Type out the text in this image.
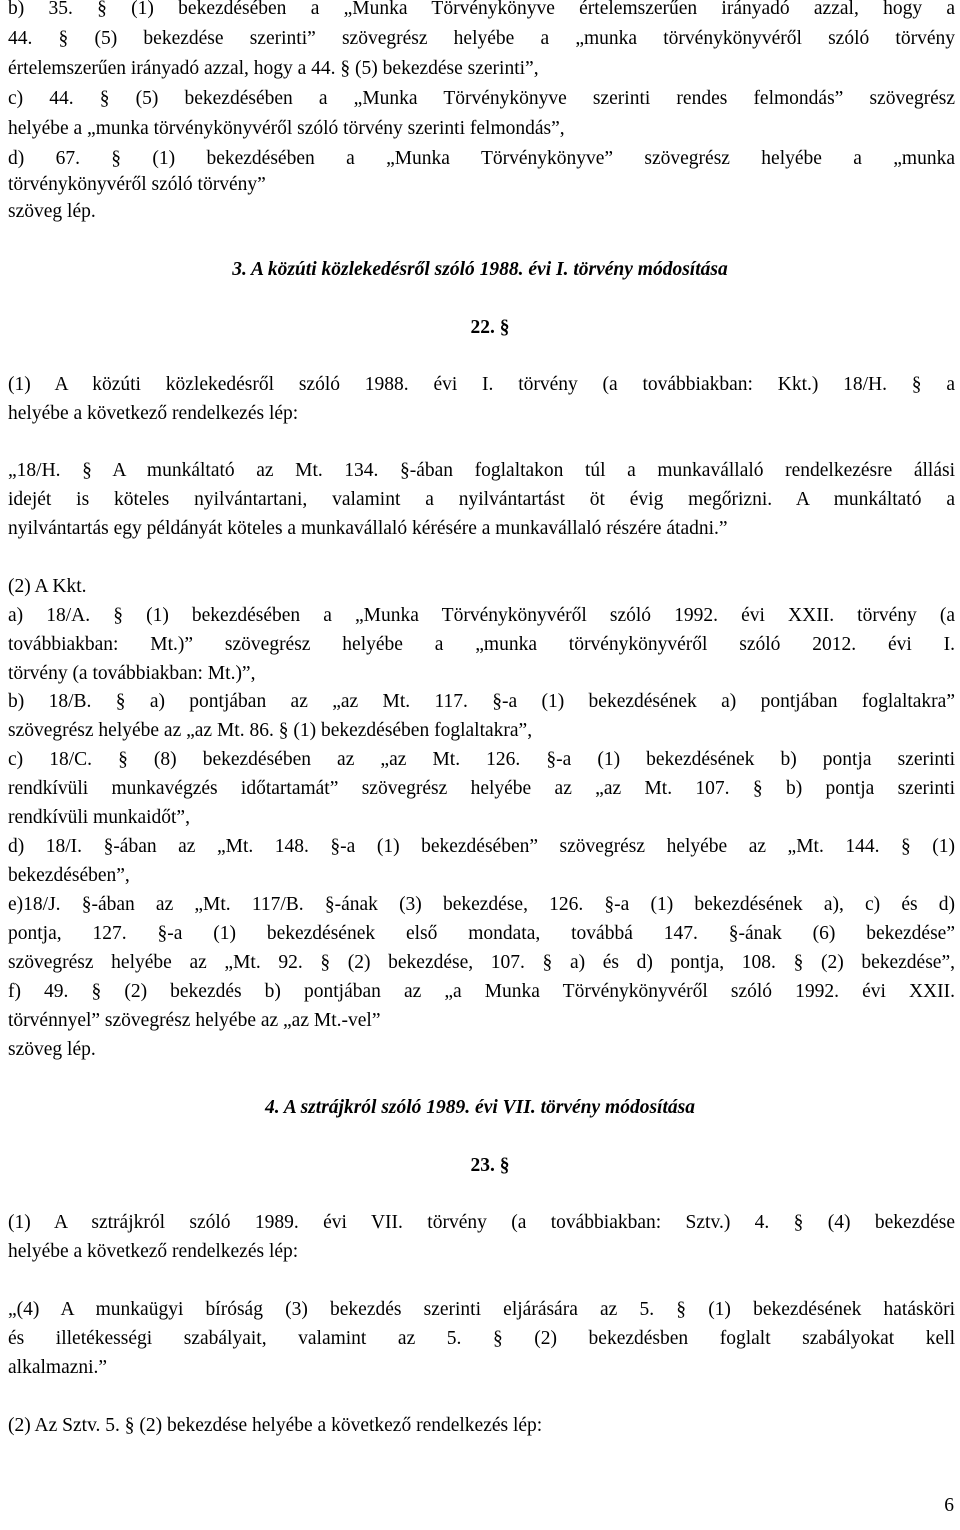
b) 35. § (1) bekezdésében a „Munka Törvénykönyve értelemszerűen irányadó azzal, hogy a
44. § (5) bekezdése szerinti” szövegrész helyébe a „munka törvénykönyvéről szóló törvény
értelemszerűen irányadó azzal, hogy a 44. § (5) bekezdése szerinti”,
c) 44. § (5) bekezdésében a „Munka Törvénykönyve szerinti rendes felmondás” szövegrész
helyébe a „munka törvénykönyvéről szóló törvény szerinti felmondás”,
d) 67. § (1) bekezdésében a „Munka Törvénykönyve” szövegrész helyébe a „munka
törvénykönyvéről szóló törvény”
szöveg lép.
3. A közúti közlekedésről szóló 1988. évi I. törvény módosítása
22. §
(1) A közúti közlekedésről szóló 1988. évi I. törvény (a továbbiakban: Kkt.) 18/H. § a
helyébe a következő rendelkezés lép:
„18/H. § A munkáltató az Mt. 134. §-ában foglaltakon túl a munkavállaló rendelkezésre állási
idejét is köteles nyilvántartani, valamint a nyilvántartást öt évig megőrizni. A munkáltató a
nyilvántartás egy példányát köteles a munkavállaló kérésére a munkavállaló részére átadni.”
(2) A Kkt.
a) 18/A. § (1) bekezdésében a „Munka Törvénykönyvéről szóló 1992. évi XXII. törvény (a
továbbiakban: Mt.)” szövegrész helyébe a „munka törvénykönyvéről szóló 2012. évi I.
törvény (a továbbiakban: Mt.)”,
b) 18/B. § a) pontjában az „az Mt. 117. §-a (1) bekezdésének a) pontjában foglaltakra”
szövegrész helyébe az „az Mt. 86. § (1) bekezdésében foglaltakra”,
c) 18/C. § (8) bekezdésében az „az Mt. 126. §-a (1) bekezdésének b) pontja szerinti
rendkívüli munkavégzés időtartamát” szövegrész helyébe az „az Mt. 107. § b) pontja szerinti
rendkívüli munkaidőt”,
d) 18/I. §-ában az „Mt. 148. §-a (1) bekezdésében” szövegrész helyébe az „Mt. 144. § (1)
bekezdésében”,
e)18/J. §-ában az „Mt. 117/B. §-ának (3) bekezdése, 126. §-a (1) bekezdésének a), c) és d)
pontja, 127. §-a (1) bekezdésének első mondata, továbbá 147. §-ának (6) bekezdése”
szövegrész helyébe az „Mt. 92. § (2) bekezdése, 107. § a) és d) pontja, 108. § (2) bekezdése”,
f) 49. § (2) bekezdés b) pontjában az „a Munka Törvénykönyvéről szóló 1992. évi XXII.
törvénnyel” szövegrész helyébe az „az Mt.-vel”
szöveg lép.
4. A sztrájkról szóló 1989. évi VII. törvény módosítása
23. §
(1) A sztrájkról szóló 1989. évi VII. törvény (a továbbiakban: Sztv.) 4. § (4) bekezdése
helyébe a következő rendelkezés lép:
„(4) A munkaügyi bíróság (3) bekezdés szerinti eljárására az 5. § (1) bekezdésének hatásköri
és illetékességi szabályait, valamint az 5. § (2) bekezdésben foglalt szabályokat kell
alkalmazni.”
(2) Az Sztv. 5. § (2) bekezdése helyébe a következő rendelkezés lép:
6
